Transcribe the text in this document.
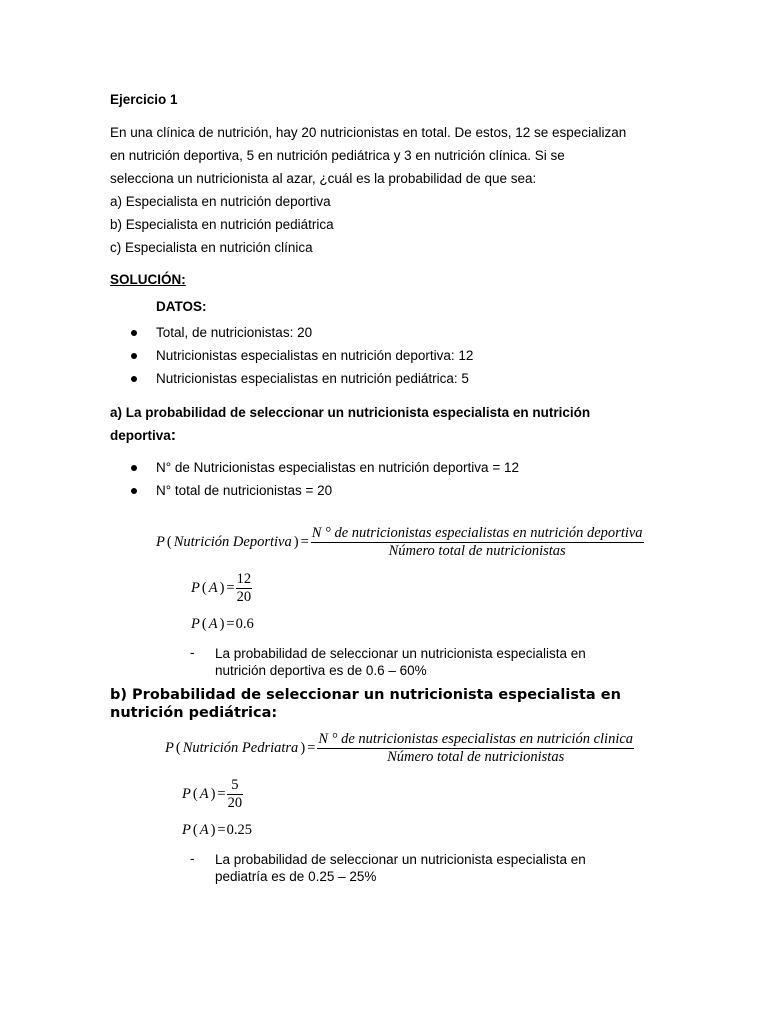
Ejercicio 1
En una clínica de nutrición, hay 20 nutricionistas en total. De estos, 12 se especializan
en nutrición deportiva, 5 en nutrición pediátrica y 3 en nutrición clínica. Si se
selecciona un nutricionista al azar, ¿cuál es la probabilidad de que sea:
a) Especialista en nutrición deportiva
b) Especialista en nutrición pediátrica
c) Especialista en nutrición clínica
SOLUCIÓN:
DATOS:
Total, de nutricionistas: 20
Nutricionistas especialistas en nutrición deportiva: 12
Nutricionistas especialistas en nutrición pediátrica: 5
a) La probabilidad de seleccionar un nutricionista especialista en nutrición
deportiva:
N° de Nutricionistas especialistas en nutrición deportiva = 12
N° total de nutricionistas = 20
P ( Nutrición Deportiva ) = $\frac{\text{N ° de nutricionistas especialistas en nutrición deportiva}}{\text{Número total de nutricionistas}}$
P ( A ) = $\frac{12}{20}$
P ( A ) = 0.6
- La probabilidad de seleccionar un nutricionista especialista en
nutrición deportiva es de 0.6 – 60%
b) Probabilidad de seleccionar un nutricionista especialista en
nutrición pediátrica:
P ( Nutrición Pedriatra ) = $\frac{\text{N ° de nutricionistas especialistas en nutrición clinica}}{\text{Número total de nutricionistas}}$
P ( A ) = $\frac{5}{20}$
P ( A ) = 0.25
- La probabilidad de seleccionar un nutricionista especialista en
pediatría es de 0.25 – 25%
